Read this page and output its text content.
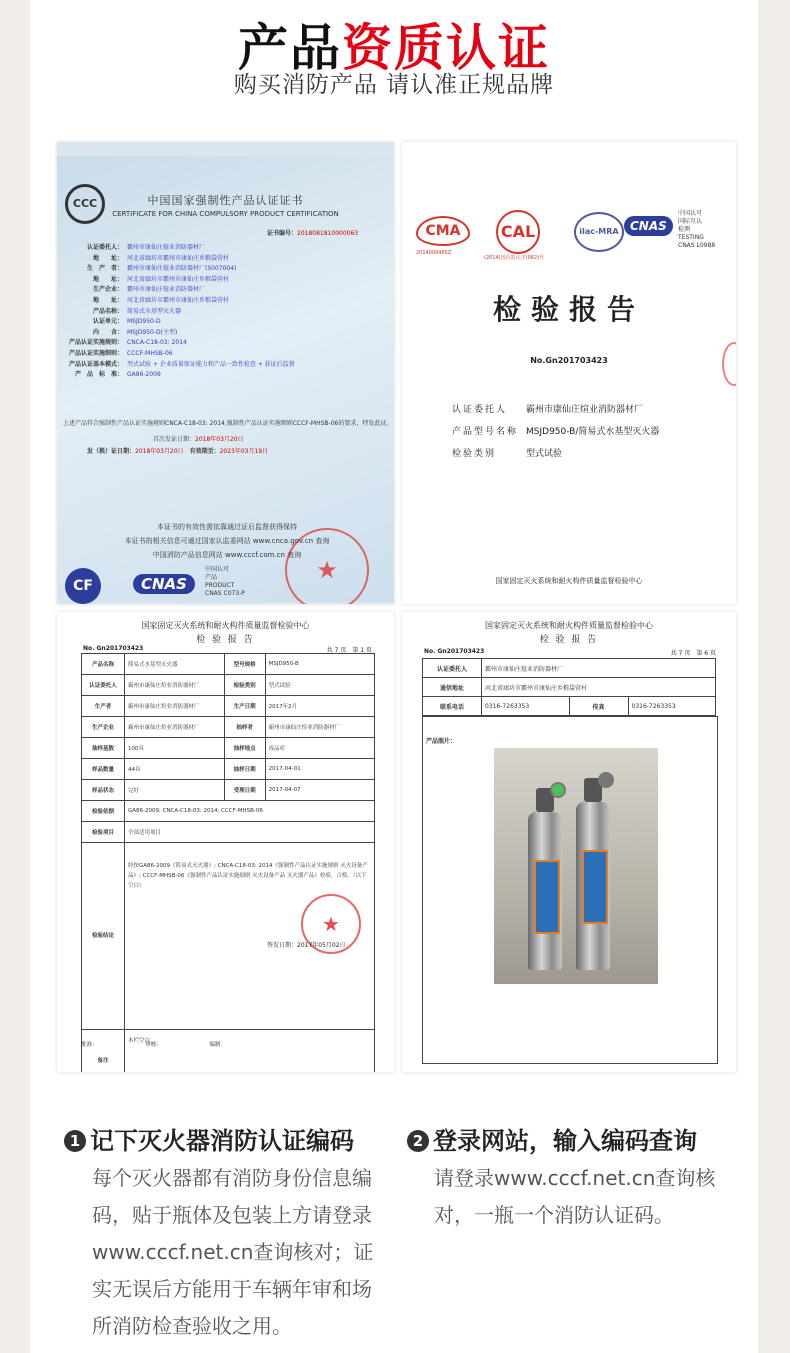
产品资质认证
购买消防产品 请认准正规品牌
CCC	中国国家强制性产品认证证书
CERTIFICATE FOR CHINA COMPULSORY PRODUCT CERTIFICATION
证书编号：2018081810000063
认证委托人： 霸州市康仙庄煊业消防器材厂
地　　址： 河北省廊坊市霸州市康仙庄乡粮袋营村
生　产　者： 霸州市康仙庄煊业消防器材厂(S007004)
地　　址： 河北省廊坊市霸州市康仙庄乡粮袋营村
生产企业： 霸州市康仙庄煊业消防器材厂
地　　址： 河北省廊坊市霸州市康仙庄乡粮袋营村
产品名称： 简易式水基型灭火器
认证单元： MSJD950-D
内　　含： MSJD950-D(主型)
产品认证实施规则： CNCA-C18-03: 2014
产品认证实施细则： CCCF-MHSB-06
产品认证基本模式： 型式试验 + 企业质量保证能力和产品一致性检查 + 获证后监督
产　品　标　准： GA86-2009
上述产品符合强制性产品认证实施规则CNCA-C18-03: 2014,强制性产品认证实施细则CCCF-MHSB-06的要求，特发此证。
首次发证日期：2018年03月20日
发（换）证日期：2018年03月20日　 有效期至：2023年03月19日
本证书的有效性需依靠通过证后监督获得保持
本证书的相关信息可通过国家认监委网站 www.cnca.gov.cn 查询
中国消防产品信息网站 www.cccf.com.cn 查询
CF	CNAS
中国认可
产品
PRODUCT
CNAS C073-P
★
CMA
2014000465Z
CAL
(2014)国认监认字(062)号
ilac-MRA CNAS
中国认可
国际互认
检测
TESTING
CNAS L0988
检验报告
No.Gn201703423
认证委托人 霸州市康仙庄煊业消防器材厂
产品型号名称 MSJD950-B/简易式水基型灭火器
检验类别	型式试验
国家固定灭火系统和耐火构件质量监督检验中心
国家固定灭火系统和耐火构件质量监督检验中心
检 验 报 告
No. Gn201703423	共 7 页　第 1 页
产品名称	简易式水基型灭火器	型号规格	MSJD950-B
认证委托人	霸州市康仙庄煊业消防器材厂	检验类别	型式试验
生产者	霸州市康仙庄煊业消防器材厂	生产日期	2017年2月
生产企业	霸州市康仙庄煊业消防器材厂	抽样者	霸州市康仙庄煊业消防器材厂
抽样基数	100具	抽样地点	成品库
样品数量	44具	抽样日期	2017-04-01
样品状态	完好	受理日期	2017-04-07
检验依据	GA86-2009; CNCA-C18-03: 2014; CCCF-MHSB-06		
检验项目	全部适用项目		
检验结论	经按GA86-2009《简易式灭火器》; CNCA-C18-03: 2014《强制性产品认证实施规则 灭火设备产品》; CCCF-MHSB-06《强制性产品认证实施细则 灭火设备产品 灭火器产品》检验，合格。（以下空白）		
备注	本栏空白		
★
签发日期：2017年05月02日
批准：	审核：	编制：
国家固定灭火系统和耐火构件质量监督检验中心
检 验 报 告
No. Gn201703423	共 7 页　第 6 页
认证委托人	霸州市康仙庄煊业消防器材厂		
通信地址	河北省廊坊市霸州市康仙庄乡粮袋营村		
联系电话	0316-7263353	传真	0316-7263353
产品照片：
1 记下灭火器消防认证编码
每个灭火器都有消防身份信息编
码，贴于瓶体及包装上方请登录
www.cccf.net.cn查询核对；证
实无误后方能用于车辆年审和场
所消防检查验收之用。
2 登录网站，输入编码查询
请登录www.cccf.net.cn查询核
对，一瓶一个消防认证码。
